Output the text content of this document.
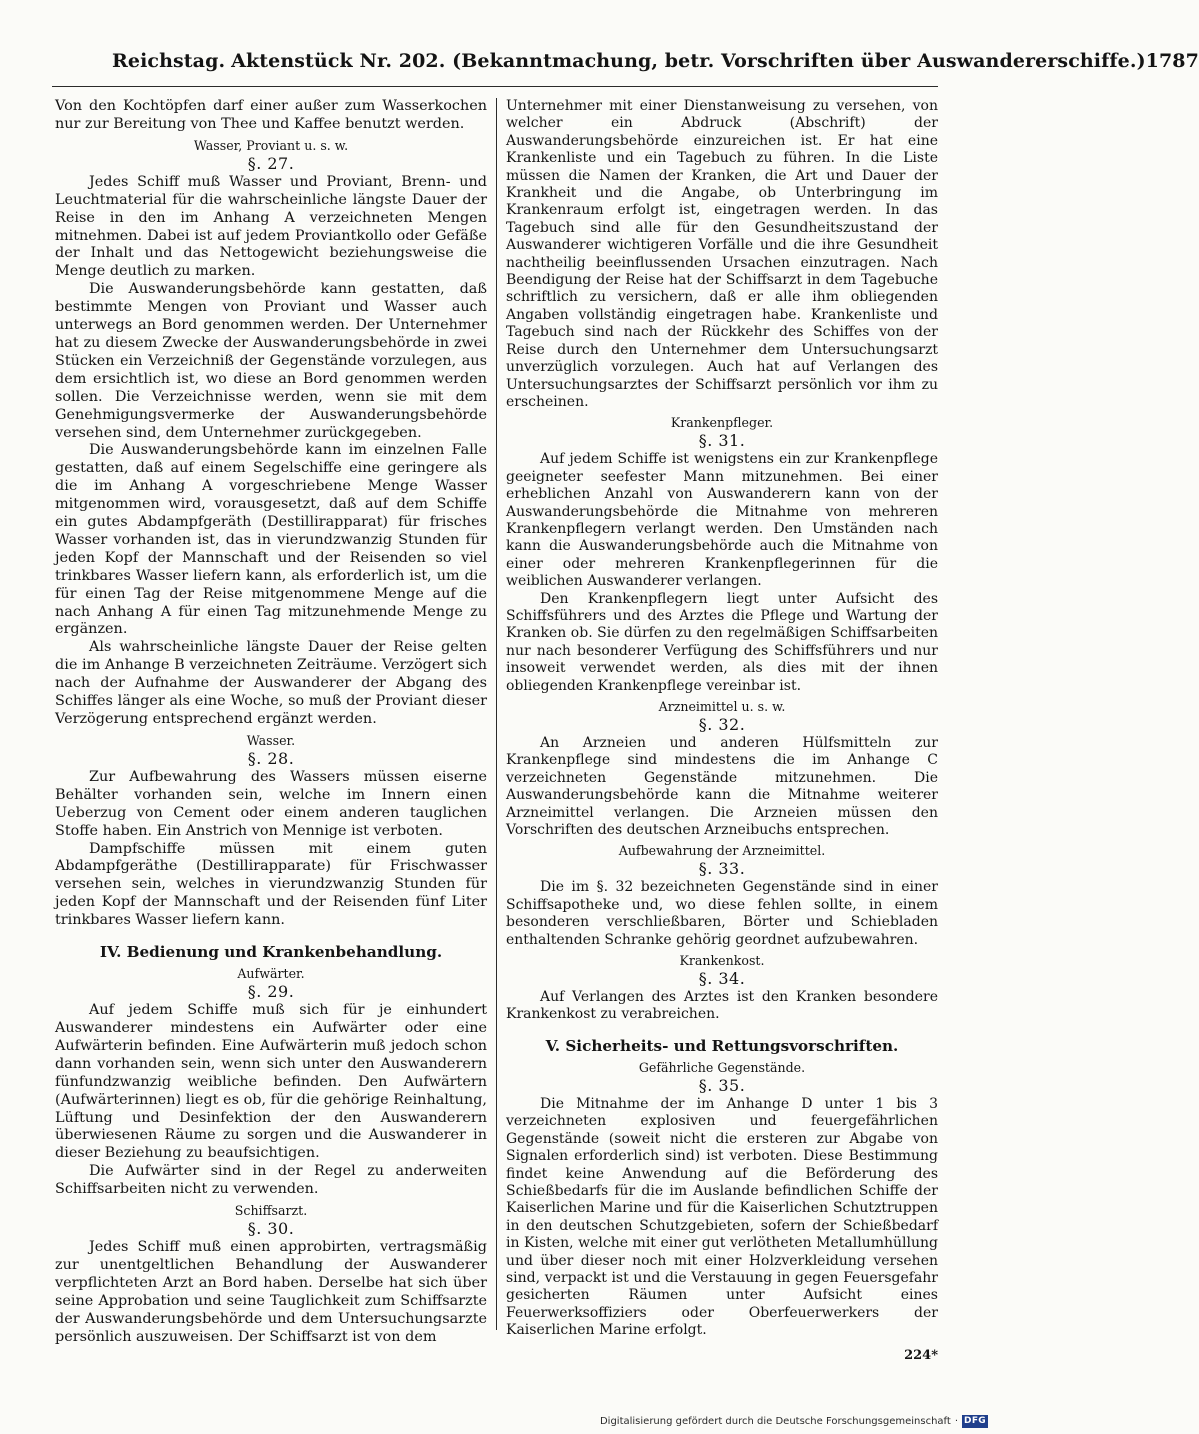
Reichstag. Aktenstück Nr. 202. (Bekanntmachung, betr. Vorschriften über Auswandererschiffe.) 1787

Von den Kochtöpfen darf einer außer zum Wasserkochen nur zur Bereitung von Thee und Kaffee benutzt werden.

Wasser, Proviant u. s. w.
§. 27.

Jedes Schiff muß Wasser und Proviant, Brenn- und Leuchtmaterial für die wahrscheinliche längste Dauer der Reise in den im Anhang A verzeichneten Mengen mitnehmen. Dabei ist auf jedem Proviantkollo oder Gefäße der Inhalt und das Nettogewicht beziehungsweise die Menge deutlich zu marken.

Die Auswanderungsbehörde kann gestatten, daß bestimmte Mengen von Proviant und Wasser auch unterwegs an Bord genommen werden. Der Unternehmer hat zu diesem Zwecke der Auswanderungsbehörde in zwei Stücken ein Verzeichniß der Gegenstände vorzulegen, aus dem ersichtlich ist, wo diese an Bord genommen werden sollen. Die Verzeichnisse werden, wenn sie mit dem Genehmigungsvermerke der Auswanderungsbehörde versehen sind, dem Unternehmer zurückgegeben.

Die Auswanderungsbehörde kann im einzelnen Falle gestatten, daß auf einem Segelschiffe eine geringere als die im Anhang A vorgeschriebene Menge Wasser mitgenommen wird, vorausgesetzt, daß auf dem Schiffe ein gutes Abdampfgeräth (Destillirapparat) für frisches Wasser vorhanden ist, das in vierundzwanzig Stunden für jeden Kopf der Mannschaft und der Reisenden so viel trinkbares Wasser liefern kann, als erforderlich ist, um die für einen Tag der Reise mitgenommene Menge auf die nach Anhang A für einen Tag mitzunehmende Menge zu ergänzen.

Als wahrscheinliche längste Dauer der Reise gelten die im Anhange B verzeichneten Zeiträume. Verzögert sich nach der Aufnahme der Auswanderer der Abgang des Schiffes länger als eine Woche, so muß der Proviant dieser Verzögerung entsprechend ergänzt werden.

Wasser.
§. 28.

Zur Aufbewahrung des Wassers müssen eiserne Behälter vorhanden sein, welche im Innern einen Ueberzug von Cement oder einem anderen tauglichen Stoffe haben. Ein Anstrich von Mennige ist verboten.

Dampfschiffe müssen mit einem guten Abdampfgeräthe (Destillirapparate) für Frischwasser versehen sein, welches in vierundzwanzig Stunden für jeden Kopf der Mannschaft und der Reisenden fünf Liter trinkbares Wasser liefern kann.

IV. Bedienung und Krankenbehandlung.
Aufwärter.
§. 29.

Auf jedem Schiffe muß sich für je einhundert Auswanderer mindestens ein Aufwärter oder eine Aufwärterin befinden. Eine Aufwärterin muß jedoch schon dann vorhanden sein, wenn sich unter den Auswanderern fünfundzwanzig weibliche befinden. Den Aufwärtern (Aufwärterinnen) liegt es ob, für die gehörige Reinhaltung, Lüftung und Desinfektion der den Auswanderern überwiesenen Räume zu sorgen und die Auswanderer in dieser Beziehung zu beaufsichtigen.

Die Aufwärter sind in der Regel zu anderweiten Schiffsarbeiten nicht zu verwenden.

Schiffsarzt.
§. 30.

Jedes Schiff muß einen approbirten, vertragsmäßig zur unentgeltlichen Behandlung der Auswanderer verpflichteten Arzt an Bord haben. Derselbe hat sich über seine Approbation und seine Tauglichkeit zum Schiffsarzte der Auswanderungsbehörde und dem Untersuchungsarzte persönlich auszuweisen. Der Schiffsarzt ist von dem

Unternehmer mit einer Dienstanweisung zu versehen, von welcher ein Abdruck (Abschrift) der Auswanderungsbehörde einzureichen ist. Er hat eine Krankenliste und ein Tagebuch zu führen. In die Liste müssen die Namen der Kranken, die Art und Dauer der Krankheit und die Angabe, ob Unterbringung im Krankenraum erfolgt ist, eingetragen werden. In das Tagebuch sind alle für den Gesundheitszustand der Auswanderer wichtigeren Vorfälle und die ihre Gesundheit nachtheilig beeinflussenden Ursachen einzutragen. Nach Beendigung der Reise hat der Schiffsarzt in dem Tagebuche schriftlich zu versichern, daß er alle ihm obliegenden Angaben vollständig eingetragen habe. Krankenliste und Tagebuch sind nach der Rückkehr des Schiffes von der Reise durch den Unternehmer dem Untersuchungsarzt unverzüglich vorzulegen. Auch hat auf Verlangen des Untersuchungsarztes der Schiffsarzt persönlich vor ihm zu erscheinen.

Krankenpfleger.
§. 31.

Auf jedem Schiffe ist wenigstens ein zur Krankenpflege geeigneter seefester Mann mitzunehmen. Bei einer erheblichen Anzahl von Auswanderern kann von der Auswanderungsbehörde die Mitnahme von mehreren Krankenpflegern verlangt werden. Den Umständen nach kann die Auswanderungsbehörde auch die Mitnahme von einer oder mehreren Krankenpflegerinnen für die weiblichen Auswanderer verlangen.

Den Krankenpflegern liegt unter Aufsicht des Schiffsführers und des Arztes die Pflege und Wartung der Kranken ob. Sie dürfen zu den regelmäßigen Schiffsarbeiten nur nach besonderer Verfügung des Schiffsführers und nur insoweit verwendet werden, als dies mit der ihnen obliegenden Krankenpflege vereinbar ist.

Arzneimittel u. s. w.
§. 32.

An Arzneien und anderen Hülfsmitteln zur Krankenpflege sind mindestens die im Anhange C verzeichneten Gegenstände mitzunehmen. Die Auswanderungsbehörde kann die Mitnahme weiterer Arzneimittel verlangen. Die Arzneien müssen den Vorschriften des deutschen Arzneibuchs entsprechen.

Aufbewahrung der Arzneimittel.
§. 33.

Die im §. 32 bezeichneten Gegenstände sind in einer Schiffsapotheke und, wo diese fehlen sollte, in einem besonderen verschließbaren, Börter und Schiebladen enthaltenden Schranke gehörig geordnet aufzubewahren.

Krankenkost.
§. 34.

Auf Verlangen des Arztes ist den Kranken besondere Krankenkost zu verabreichen.

V. Sicherheits- und Rettungsvorschriften.
Gefährliche Gegenstände.
§. 35.

Die Mitnahme der im Anhange D unter 1 bis 3 verzeichneten explosiven und feuergefährlichen Gegenstände (soweit nicht die ersteren zur Abgabe von Signalen erforderlich sind) ist verboten. Diese Bestimmung findet keine Anwendung auf die Beförderung des Schießbedarfs für die im Auslande befindlichen Schiffe der Kaiserlichen Marine und für die Kaiserlichen Schutztruppen in den deutschen Schutzgebieten, sofern der Schießbedarf in Kisten, welche mit einer gut verlötheten Metallumhüllung und über dieser noch mit einer Holzverkleidung versehen sind, verpackt ist und die Verstauung in gegen Feuersgefahr gesicherten Räumen unter Aufsicht eines Feuerwerksoffiziers oder Oberfeuerwerkers der Kaiserlichen Marine erfolgt.

224*
Digitalisierung gefördert durch die Deutsche Forschungsgemeinschaft · DFG
